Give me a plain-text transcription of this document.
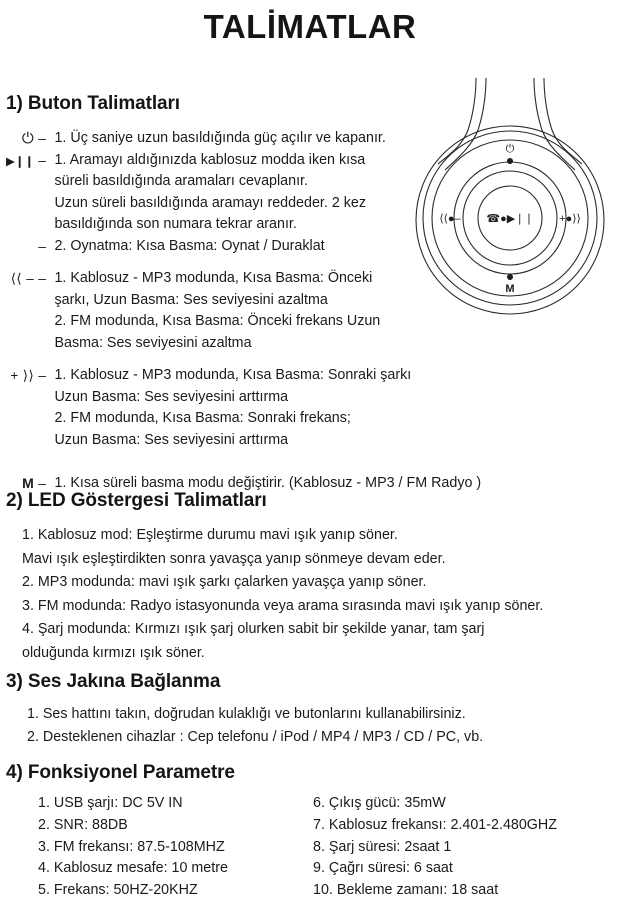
TALİMATLAR
⏻
M
⟨⟨●–	+●⟩⟩
☎●▶❘❘
1) Buton Talimatları
⏻ –	1. Üç saniye uzun basıldığında güç açılır ve kapanır.

▶❙❙ –	1. Aramayı aldığınızda kablosuz modda iken kısa
süreli basıldığında aramaları cevaplanır.
Uzun süreli basıldığında aramayı reddeder. 2 kez
basıldığında son numara tekrar aranır.

–	2. Oynatma: Kısa Basma: Oynat / Duraklat

⟨⟨ – –	1. Kablosuz - MP3 modunda, Kısa Basma: Önceki
şarkı, Uzun Basma: Ses seviyesini azaltma
2. FM modunda, Kısa Basma: Önceki frekans Uzun
Basma: Ses seviyesini azaltma

+ ⟩⟩ –	1. Kablosuz - MP3 modunda, Kısa Basma: Sonraki şarkı
Uzun Basma: Ses seviyesini arttırma
2. FM modunda, Kısa Basma: Sonraki frekans;
Uzun Basma: Ses seviyesini arttırma

M –	1. Kısa süreli basma modu değiştirir. (Kablosuz - MP3 / FM Radyo )
2) LED Göstergesi Talimatları
1. Kablosuz mod: Eşleştirme durumu mavi ışık yanıp söner.
Mavi ışık eşleştirdikten sonra yavaşça yanıp sönmeye devam eder.
2. MP3 modunda: mavi ışık şarkı çalarken yavaşça yanıp söner.
3. FM modunda: Radyo istasyonunda veya arama sırasında mavi ışık yanıp söner.
4. Şarj modunda: Kırmızı ışık şarj olurken sabit bir şekilde yanar, tam şarj
olduğunda kırmızı ışık söner.
3) Ses Jakına Bağlanma
1. Ses hattını takın, doğrudan kulaklığı ve butonlarını kullanabilirsiniz.
2. Desteklenen cihazlar : Cep telefonu / iPod / MP4 / MP3 / CD / PC, vb.
4) Fonksiyonel Parametre
1. USB şarjı: DC 5V IN	6. Çıkış gücü: 35mW
2. SNR: 88DB	7. Kablosuz frekansı: 2.401-2.480GHZ
3. FM frekansı: 87.5-108MHZ	8. Şarj süresi: 2saat 1
4. Kablosuz mesafe: 10 metre	9. Çağrı süresi: 6 saat
5. Frekans: 50HZ-20KHZ	10. Bekleme zamanı: 18 saat
